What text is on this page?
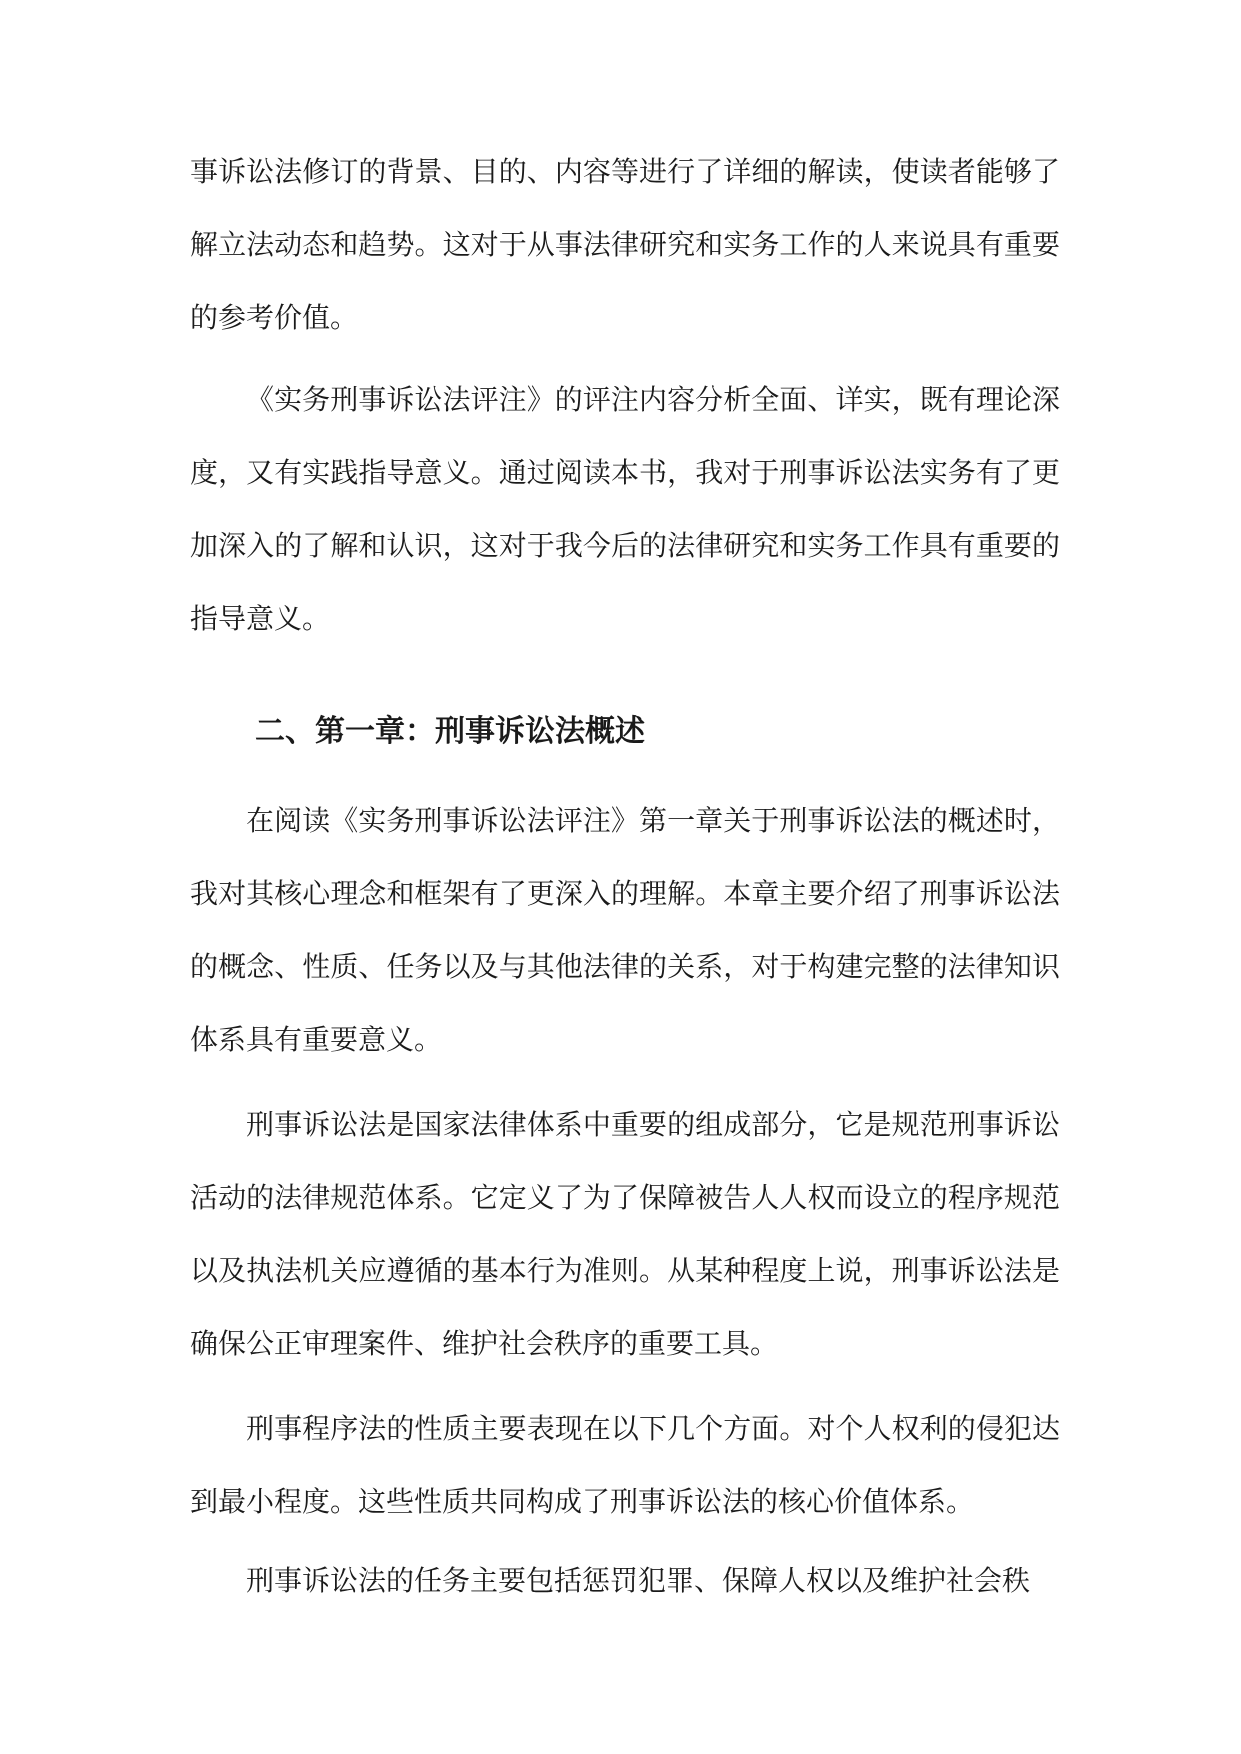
事诉讼法修订的背景、目的、内容等进行了详细的解读，使读者能够了解立法动态和趋势。这对于从事法律研究和实务工作的人来说具有重要的参考价值。

《实务刑事诉讼法评注》的评注内容分析全面、详实，既有理论深度，又有实践指导意义。通过阅读本书，我对于刑事诉讼法实务有了更加深入的了解和认识，这对于我今后的法律研究和实务工作具有重要的指导意义。

二、第一章：刑事诉讼法概述

在阅读《实务刑事诉讼法评注》第一章关于刑事诉讼法的概述时，我对其核心理念和框架有了更深入的理解。本章主要介绍了刑事诉讼法的概念、性质、任务以及与其他法律的关系，对于构建完整的法律知识体系具有重要意义。

刑事诉讼法是国家法律体系中重要的组成部分，它是规范刑事诉讼活动的法律规范体系。它定义了为了保障被告人人权而设立的程序规范以及执法机关应遵循的基本行为准则。从某种程度上说，刑事诉讼法是确保公正审理案件、维护社会秩序的重要工具。

刑事程序法的性质主要表现在以下几个方面。对个人权利的侵犯达到最小程度。这些性质共同构成了刑事诉讼法的核心价值体系。

刑事诉讼法的任务主要包括惩罚犯罪、保障人权以及维护社会秩
